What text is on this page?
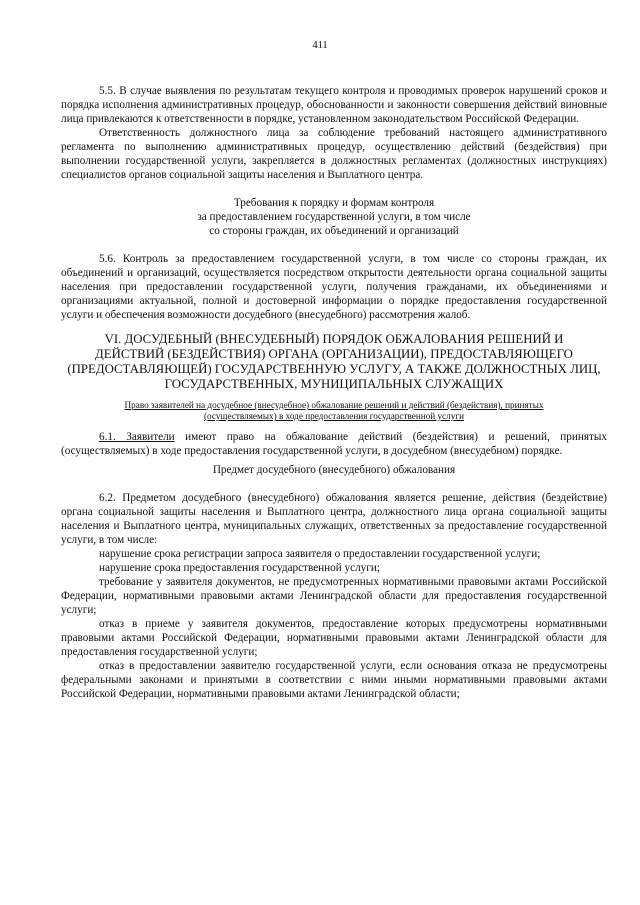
411

5.5. В случае выявления по результатам текущего контроля и проводимых проверок нарушений сроков и порядка исполнения административных процедур, обоснованности и законности совершения действий виновные лица привлекаются к ответственности в порядке, установленном законодательством Российской Федерации.

Ответственность должностного лица за соблюдение требований настоящего административного регламента по выполнению административных процедур, осуществлению действий (бездействия) при выполнении государственной услуги, закрепляется в должностных регламентах (должностных инструкциях) специалистов органов социальной защиты населения и Выплатного центра.

Требования к порядку и формам контроля

за предоставлением государственной услуги, в том числе

со стороны граждан, их объединений и организаций

5.6. Контроль за предоставлением государственной услуги, в том числе со стороны граждан, их объединений и организаций, осуществляется посредством открытости деятельности органа социальной защиты населения при предоставлении государственной услуги, получения гражданами, их объединениями и организациями актуальной, полной и достоверной информации о порядке предоставления государственной услуги и обеспечения возможности досудебного (внесудебного) рассмотрения жалоб.

VI. ДОСУДЕБНЫЙ (ВНЕСУДЕБНЫЙ) ПОРЯДОК ОБЖАЛОВАНИЯ РЕШЕНИЙ И
ДЕЙСТВИЙ (БЕЗДЕЙСТВИЯ) ОРГАНА (ОРГАНИЗАЦИИ), ПРЕДОСТАВЛЯЮЩЕГО
(ПРЕДОСТАВЛЯЮЩЕЙ) ГОСУДАРСТВЕННУЮ УСЛУГУ, А ТАКЖЕ ДОЛЖНОСТНЫХ ЛИЦ,
ГОСУДАРСТВЕННЫХ, МУНИЦИПАЛЬНЫХ СЛУЖАЩИХ
Право заявителей на досудебное (внесудебное) обжалование решений и действий (бездействия), принятых
(осуществляемых) в ходе предоставления государственной услуги

6.1. Заявители имеют право на обжалование действий (бездействия) и решений, принятых (осуществляемых) в ходе предоставления государственной услуги, в досудебном (внесудебном) порядке.

Предмет досудебного (внесудебного) обжалования

6.2. Предметом досудебного (внесудебного) обжалования является решение, действия (бездействие) органа социальной защиты населения и Выплатного центра, должностного лица органа социальной защиты населения и Выплатного центра, муниципальных служащих, ответственных за предоставление государственной услуги, в том числе:

нарушение срока регистрации запроса заявителя о предоставлении государственной услуги;

нарушение срока предоставления государственной услуги;

требование у заявителя документов, не предусмотренных нормативными правовыми актами Российской Федерации, нормативными правовыми актами Ленинградской области для предоставления государственной услуги;

отказ в приеме у заявителя документов, предоставление которых предусмотрены нормативными правовыми актами Российской Федерации, нормативными правовыми актами Ленинградской области для предоставления государственной услуги;

отказ в предоставлении заявителю государственной услуги, если основания отказа не предусмотрены федеральными законами и принятыми в соответствии с ними иными нормативными правовыми актами Российской Федерации, нормативными правовыми актами Ленинградской области;
